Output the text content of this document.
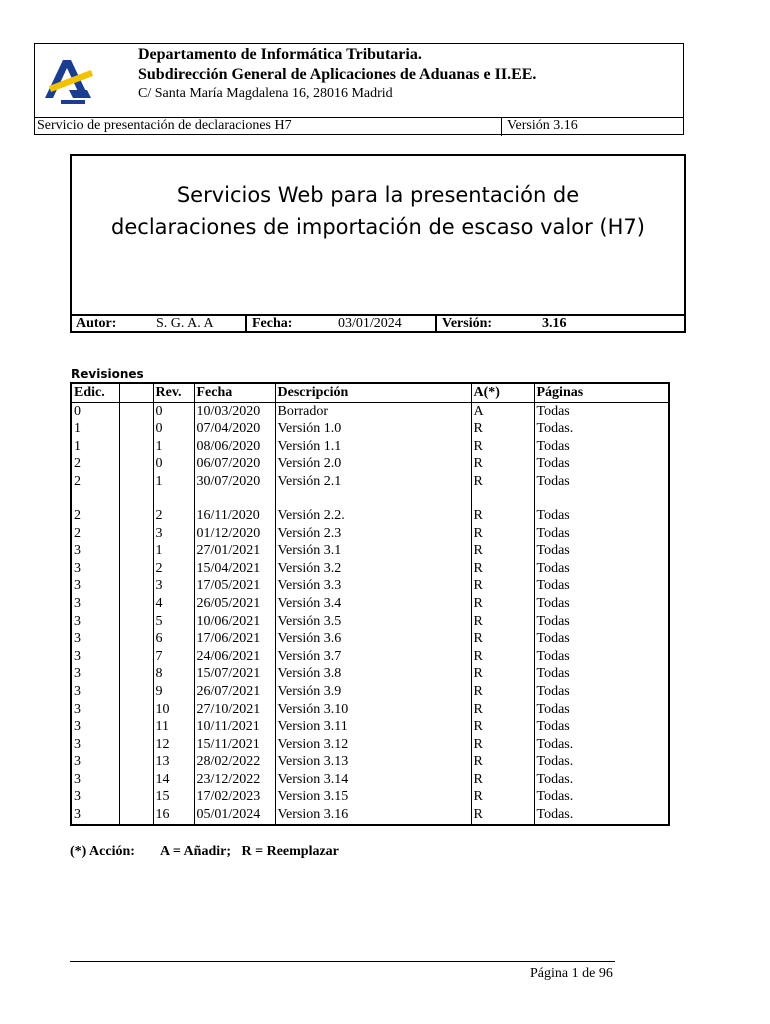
Departamento de Informática Tributaria.
Subdirección General de Aplicaciones de Aduanas e II.EE.
C/ Santa María Magdalena 16, 28016 Madrid
Servicio de presentación de declaraciones H7	Versión 3.16
Servicios Web para la presentación de
declaraciones de importación de escaso valor (H7)
Autor:	S. G. A. A	Fecha:	03/01/2024	Versión:	3.16
Revisiones
Edic.		Rev.	Fecha	Descripción	A(*)	Páginas
0		0	10/03/2020	Borrador	A	Todas
1		0	07/04/2020	Versión 1.0	R	Todas.
1		1	08/06/2020	Versión 1.1	R	Todas
2		0	06/07/2020	Versión 2.0	R	Todas
2		1	30/07/2020	Versión 2.1	R	Todas
2		2	16/11/2020	Versión 2.2.	R	Todas
2		3	01/12/2020	Versión 2.3	R	Todas
3		1	27/01/2021	Versión 3.1	R	Todas
3		2	15/04/2021	Versión 3.2	R	Todas
3		3	17/05/2021	Versión 3.3	R	Todas
3		4	26/05/2021	Versión 3.4	R	Todas
3		5	10/06/2021	Versión 3.5	R	Todas
3		6	17/06/2021	Versión 3.6	R	Todas
3		7	24/06/2021	Versión 3.7	R	Todas
3		8	15/07/2021	Versión 3.8	R	Todas
3		9	26/07/2021	Versión 3.9	R	Todas
3		10	27/10/2021	Versión 3.10	R	Todas
3		11	10/11/2021	Version 3.11	R	Todas
3		12	15/11/2021	Version 3.12	R	Todas.
3		13	28/02/2022	Version 3.13	R	Todas.
3		14	23/12/2022	Version 3.14	R	Todas.
3		15	17/02/2023	Version 3.15	R	Todas.
3		16	05/01/2024	Version 3.16	R	Todas.
(*) Acción: A = Añadir;   R = Reemplazar
Página 1 de 96
